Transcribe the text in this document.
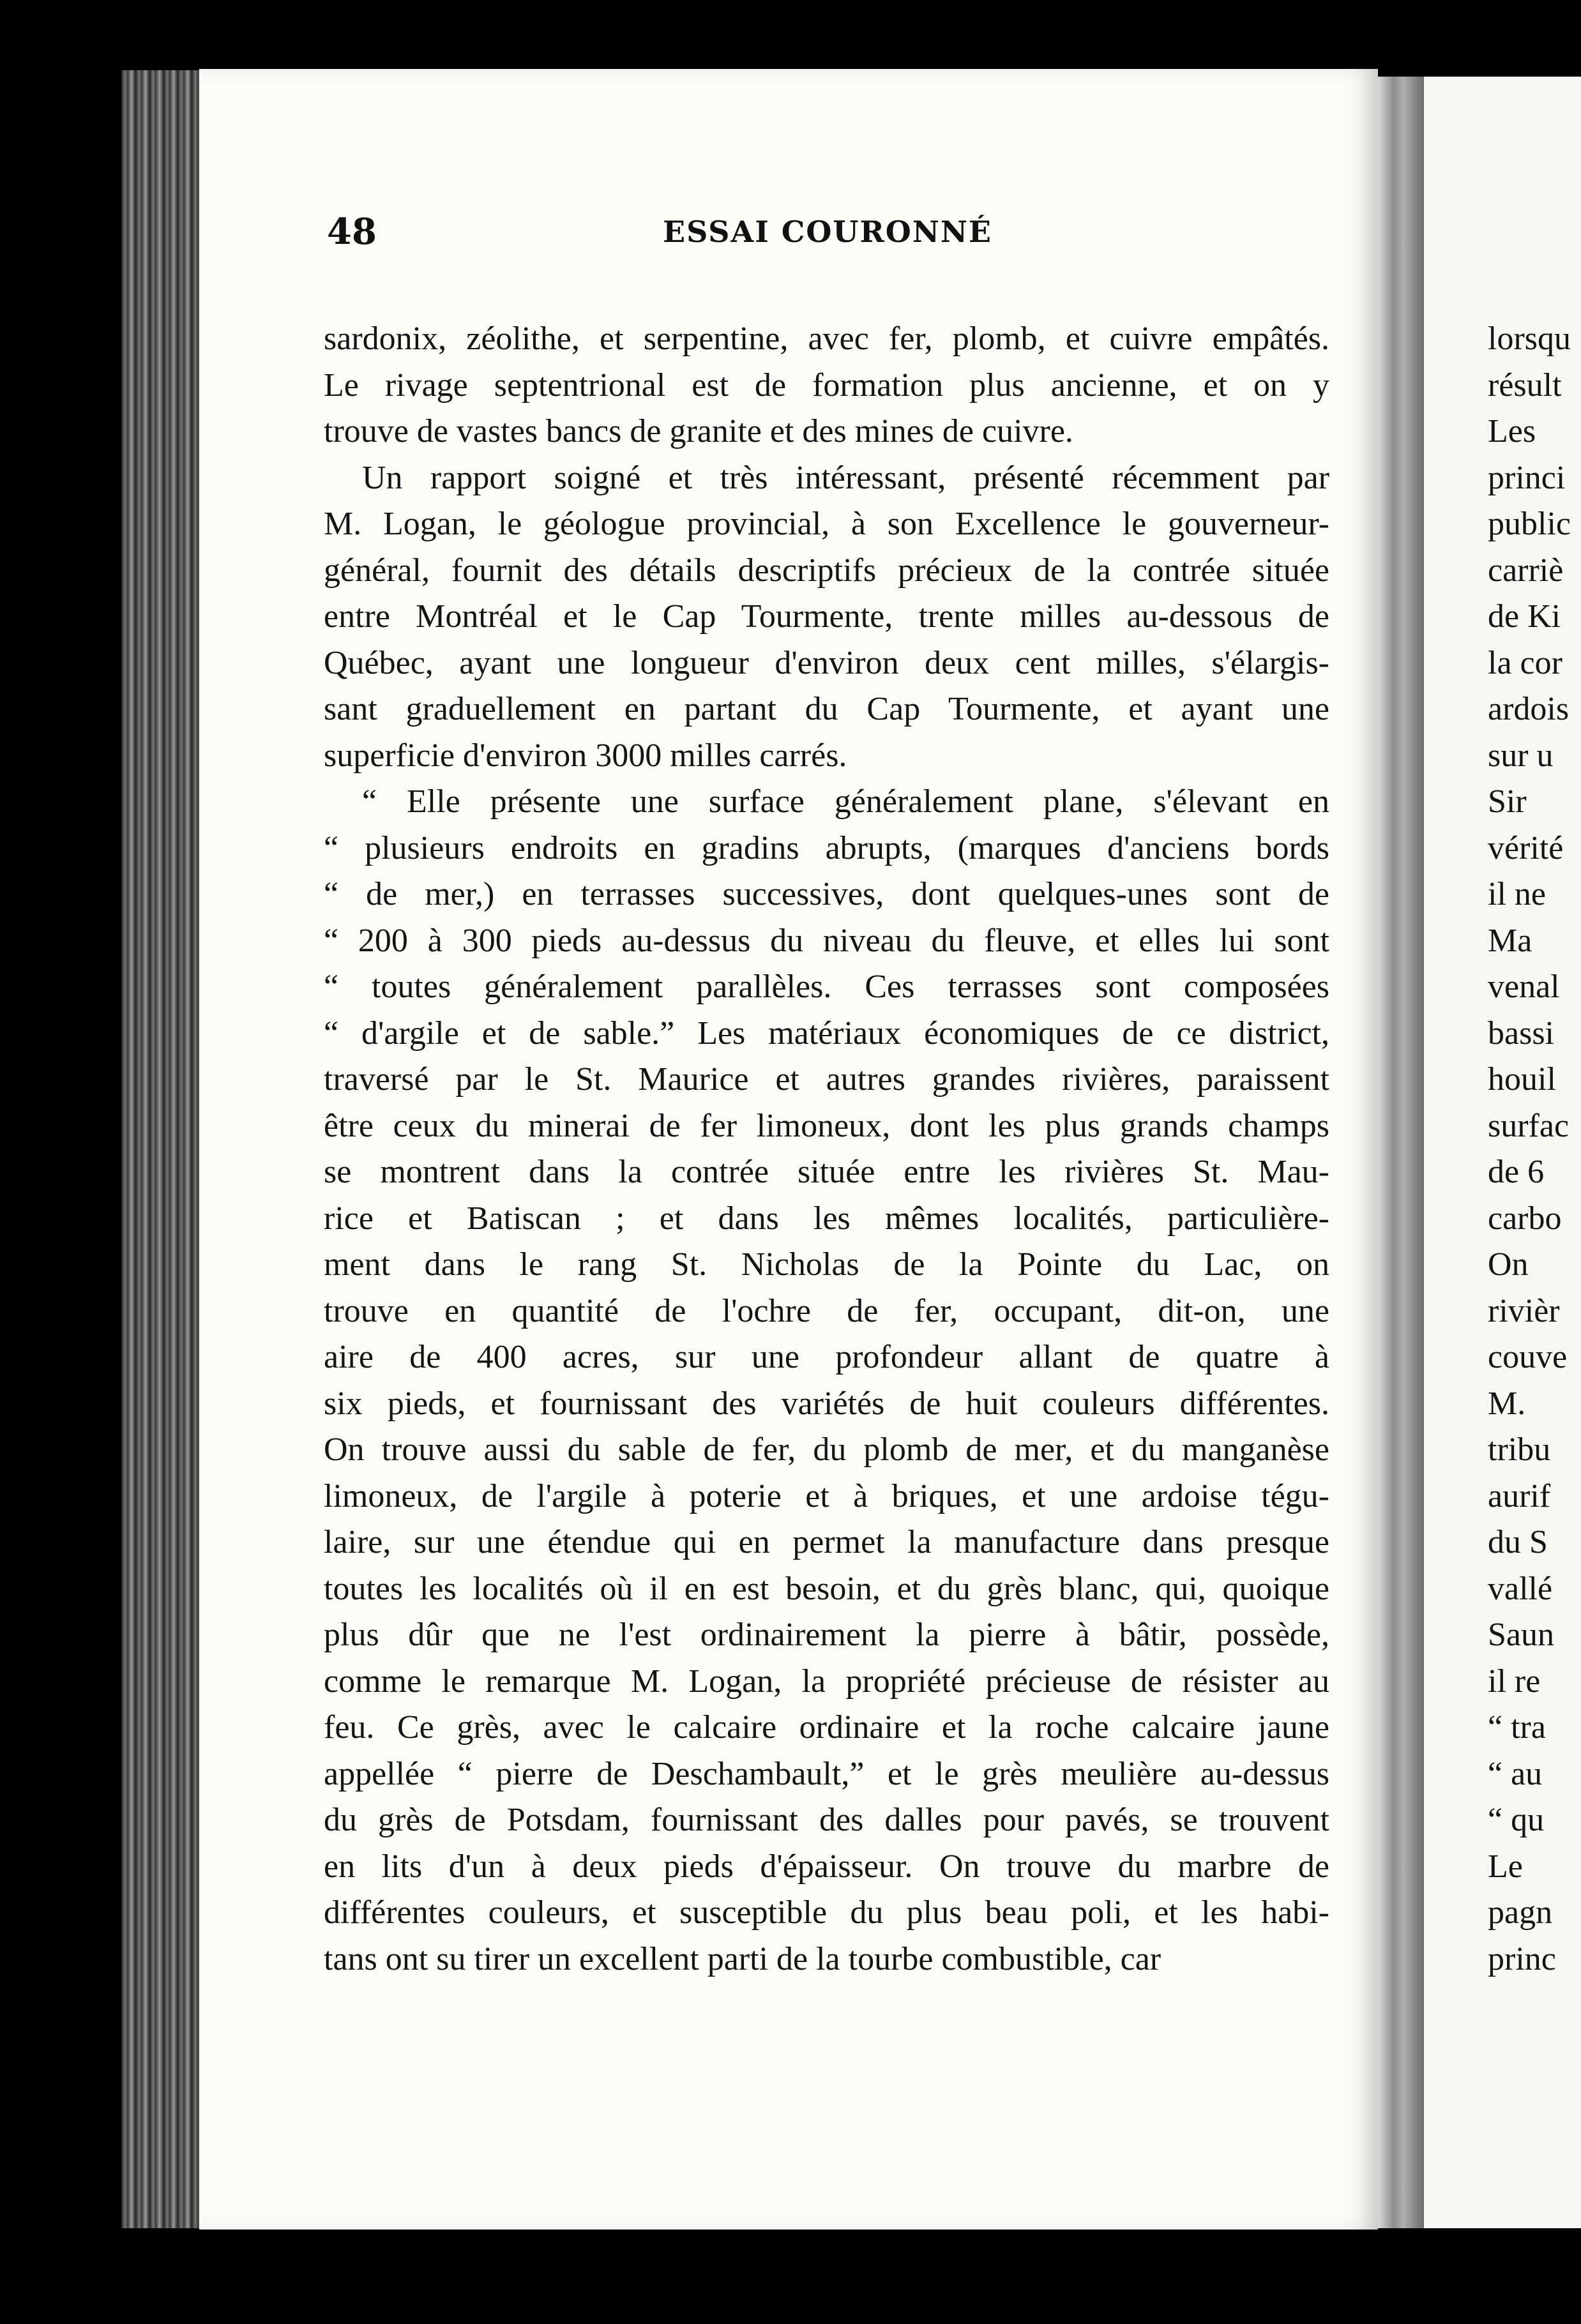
48	ESSAI COURONNÉ
sardonix, zéolithe, et serpentine, avec fer, plomb, et cuivre empâtés.
Le rivage septentrional est de formation plus ancienne, et on y
trouve de vastes bancs de granite et des mines de cuivre.
Un rapport soigné et très intéressant, présenté récemment par
M. Logan, le géologue provincial, à son Excellence le gouverneur-
général, fournit des détails descriptifs précieux de la contrée située
entre Montréal et le Cap Tourmente, trente milles au-dessous de
Québec, ayant une longueur d'environ deux cent milles, s'élargis-
sant graduellement en partant du Cap Tourmente, et ayant une
superficie d'environ 3000 milles carrés.
“ Elle présente une surface généralement plane, s'élevant en
“ plusieurs endroits en gradins abrupts, (marques d'anciens bords
“ de mer,) en terrasses successives, dont quelques-unes sont de
“ 200 à 300 pieds au-dessus du niveau du fleuve, et elles lui sont
“ toutes généralement parallèles. Ces terrasses sont composées
“ d'argile et de sable.” Les matériaux économiques de ce district,
traversé par le St. Maurice et autres grandes rivières, paraissent
être ceux du minerai de fer limoneux, dont les plus grands champs
se montrent dans la contrée située entre les rivières St. Mau-
rice et Batiscan ; et dans les mêmes localités, particulière-
ment dans le rang St. Nicholas de la Pointe du Lac, on
trouve en quantité de l'ochre de fer, occupant, dit-on, une
aire de 400 acres, sur une profondeur allant de quatre à
six pieds, et fournissant des variétés de huit couleurs différentes.
On trouve aussi du sable de fer, du plomb de mer, et du manganèse
limoneux, de l'argile à poterie et à briques, et une ardoise tégu-
laire, sur une étendue qui en permet la manufacture dans presque
toutes les localités où il en est besoin, et du grès blanc, qui, quoique
plus dûr que ne l'est ordinairement la pierre à bâtir, possède,
comme le remarque M. Logan, la propriété précieuse de résister au
feu. Ce grès, avec le calcaire ordinaire et la roche calcaire jaune
appellée “ pierre de Deschambault,” et le grès meulière au-dessus
du grès de Potsdam, fournissant des dalles pour pavés, se trouvent
en lits d'un à deux pieds d'épaisseur. On trouve du marbre de
différentes couleurs, et susceptible du plus beau poli, et les habi-
tans ont su tirer un excellent parti de la tourbe combustible, car
lorsqu
résult
Les
princi
public
carriè
de Ki
la cor
ardois
sur u
Sir
vérité
il ne
Ma
venal
bassi
houil
surfac
de 6
carbo
On
rivièr
couve
M.
tribu
aurif
du S
vallé
Saun
il re
“ tra
“ au
“ qu
Le
pagn
princ
